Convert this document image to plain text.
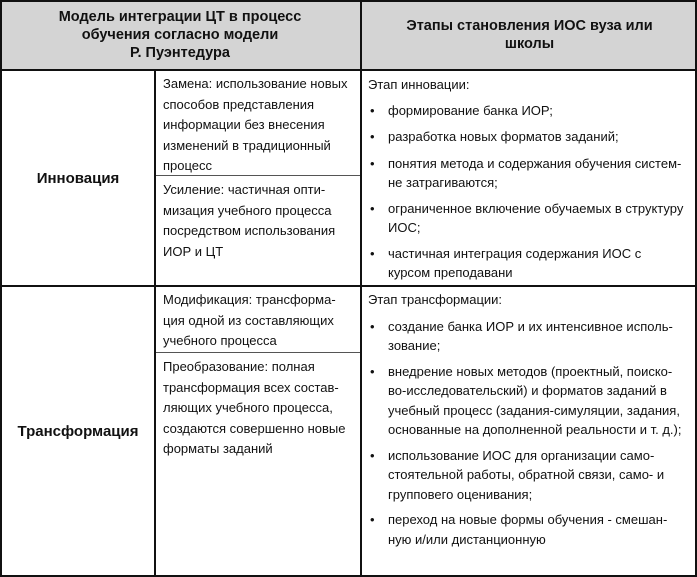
Модель интеграции ЦТ в процесс
обучения согласно модели
Р. Пуэнтедура
Этапы становления ИОС вуза или
школы
Инновация
Трансформация
Замена: использование новых
способов представления
информации без внесения
изменений в традиционный
процесс
Усиление: частичная опти-
мизация учебного процесса
посредством использования
ИОР и ЦТ
Модификация: трансформа-
ция одной из составляющих
учебного процесса
Преобразование: полная
трансформация всех состав-
ляющих учебного процесса,
создаются совершенно новые
форматы заданий
Этап инновации:
• формирование банка ИОР;
• разработка новых форматов заданий;
• понятия метода и содержания обучения систем-
не затрагиваются;
• ограниченное включение обучаемых в структуру
ИОС;
• частичная интеграция содержания ИОС с
курсом преподавани
Этап трансформации:
• создание банка ИОР и их интенсивное исполь-
зование;
• внедрение новых методов (проектный, поиско-
во-исследовательский) и форматов заданий в
учебный процесс (задания-симуляции, задания,
основанные на дополненной реальности и т. д.);
• использование ИОС для организации само-
стоятельной работы, обратной связи, само- и
групповего оценивания;
• переход на новые формы обучения - смешан-
ную и/или дистанционную
